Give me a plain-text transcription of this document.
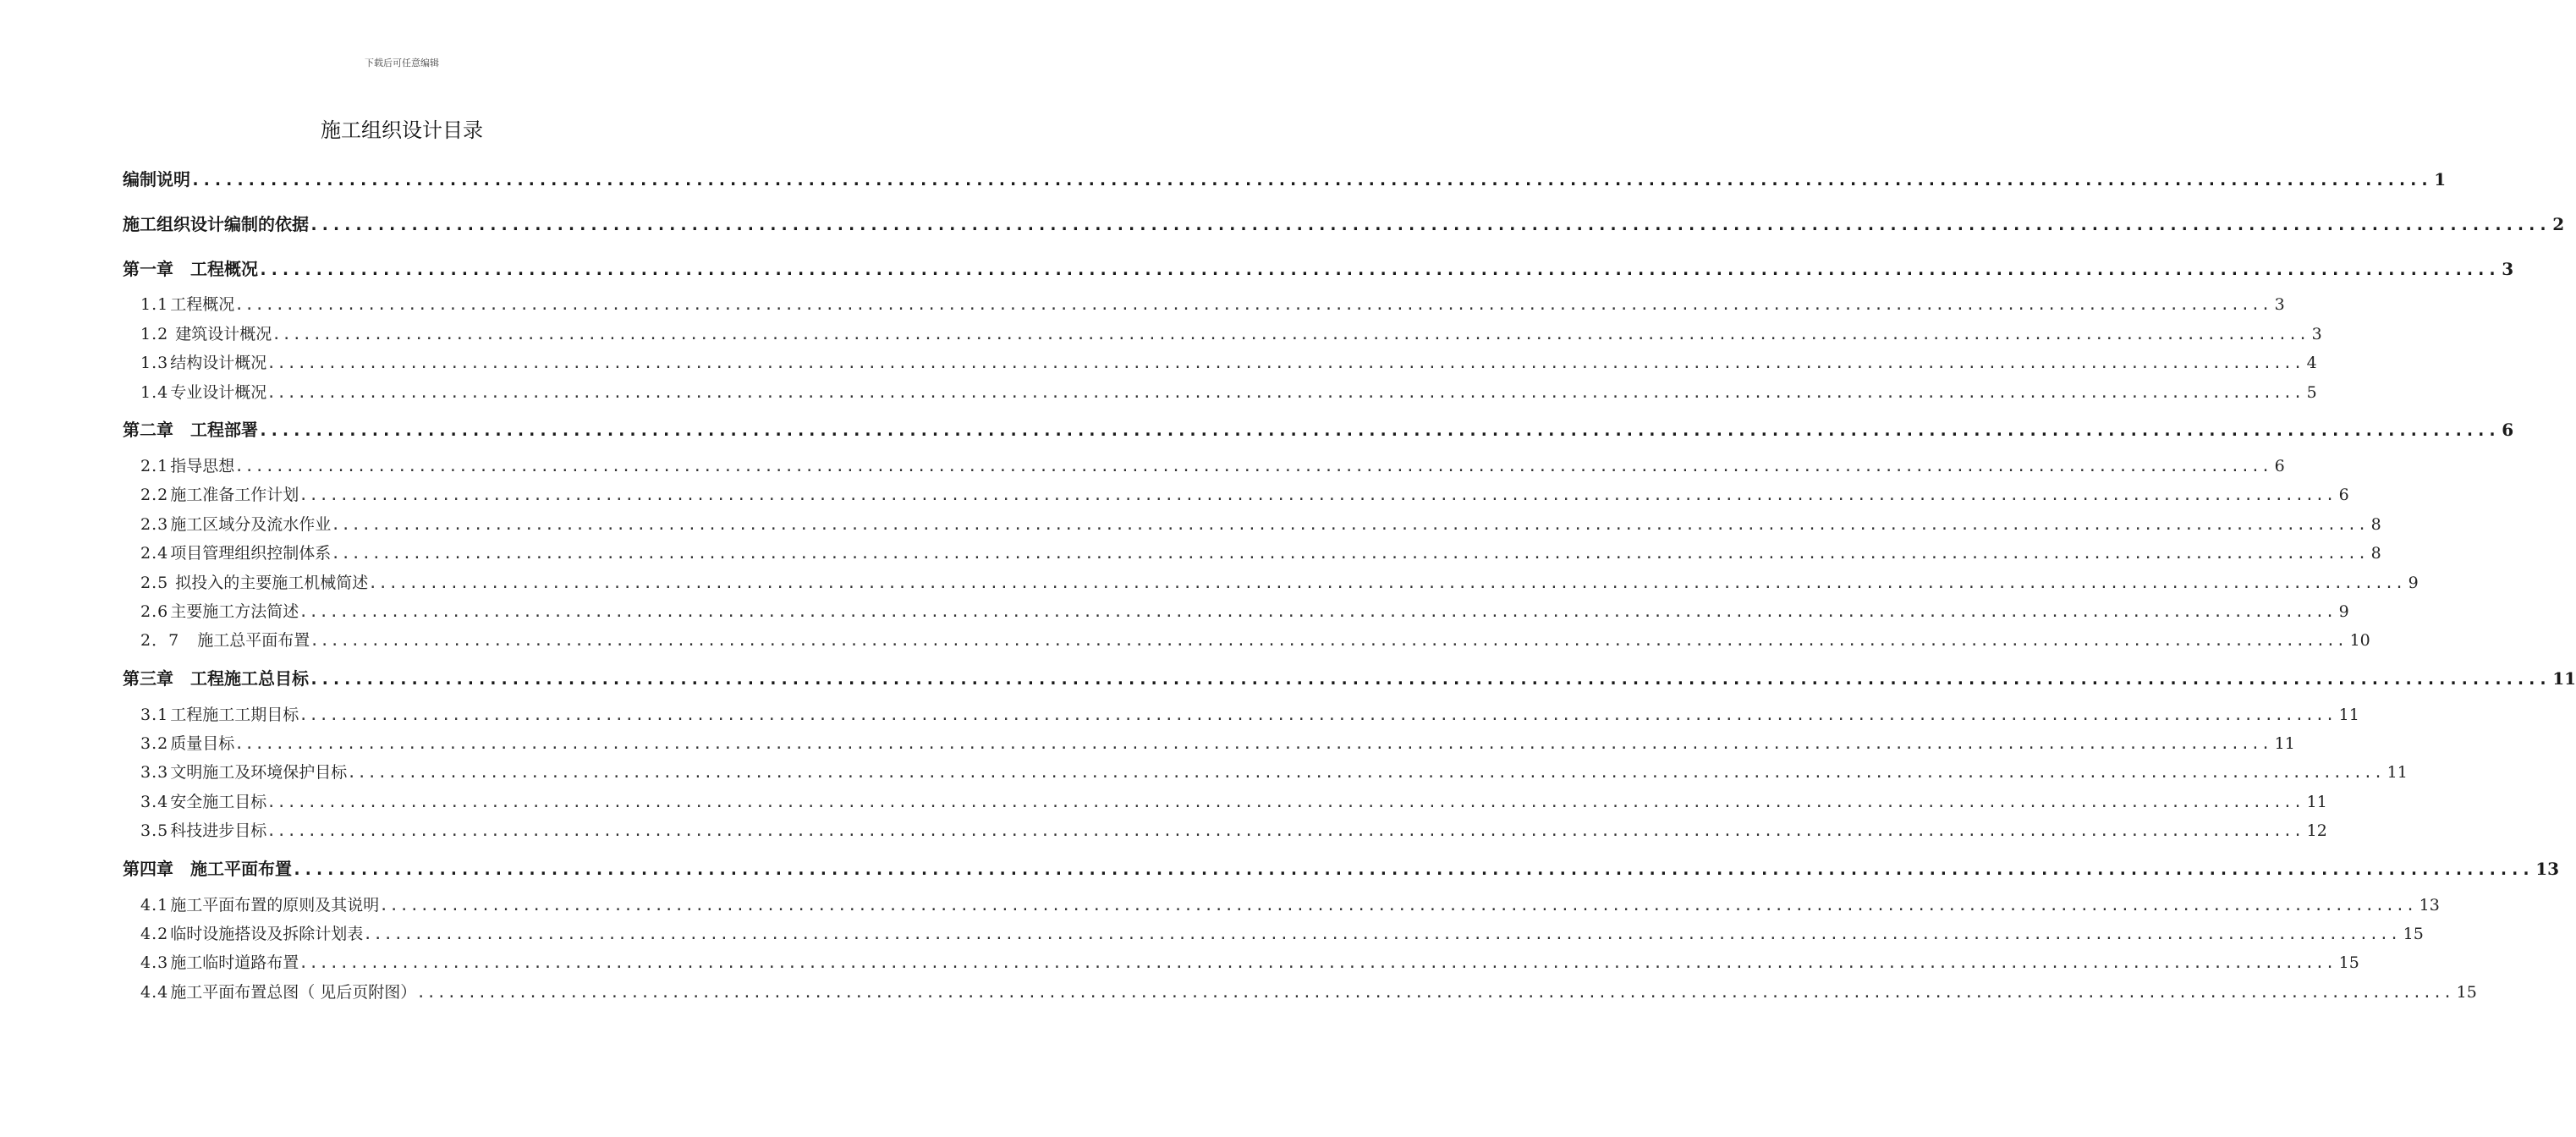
下载后可任意编辑
施工组织设计目录
编制说明 ........................................................................................................................................................................................................ 1
施工组织设计编制的依据 ........................................................................................................................................................................................................ 2
第一章　工程概况 ........................................................................................................................................................................................................ 3
1.1 工程概况 ........................................................................................................................................................................................................ 3
1.2 建筑设计概况 ........................................................................................................................................................................................................ 3
1.3 结构设计概况 ........................................................................................................................................................................................................ 4
1.4 专业设计概况 ........................................................................................................................................................................................................ 5
第二章　工程部署 ........................................................................................................................................................................................................ 6
2.1 指导思想 ........................................................................................................................................................................................................ 6
2.2 施工准备工作计划 ........................................................................................................................................................................................................ 6
2.3 施工区域分及流水作业 ........................................................................................................................................................................................................ 8
2.4 项目管理组织控制体系 ........................................................................................................................................................................................................ 8
2.5 拟投入的主要施工机械简述 ........................................................................................................................................................................................................ 9
2.6 主要施工方法简述 ........................................................................................................................................................................................................ 9
2．7　施工总平面布置 ........................................................................................................................................................................................................ 10
第三章　工程施工总目标 ........................................................................................................................................................................................................ 11
3.1 工程施工工期目标 ........................................................................................................................................................................................................ 11
3.2 质量目标 ........................................................................................................................................................................................................ 11
3.3 文明施工及环境保护目标 ........................................................................................................................................................................................................ 11
3.4 安全施工目标 ........................................................................................................................................................................................................ 11
3.5 科技进步目标 ........................................................................................................................................................................................................ 12
第四章　施工平面布置 ........................................................................................................................................................................................................ 13
4.1 施工平面布置的原则及其说明 ........................................................................................................................................................................................................ 13
4.2 临时设施搭设及拆除计划表 ........................................................................................................................................................................................................ 15
4.3 施工临时道路布置 ........................................................................................................................................................................................................ 15
4.4 施工平面布置总图（ 见后页附图） ........................................................................................................................................................................................................ 15
